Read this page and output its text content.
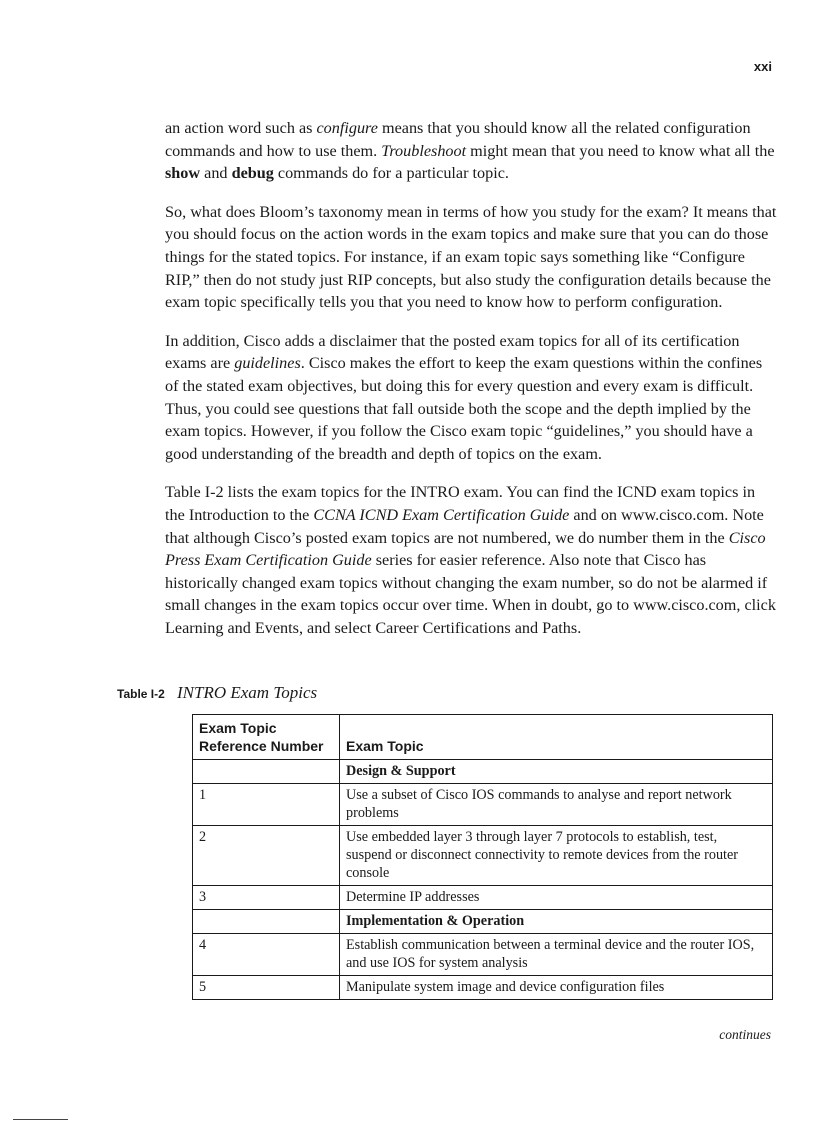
xxi

an action word such as configure means that you should know all the related configuration commands and how to use them. Troubleshoot might mean that you need to know what all the show and debug commands do for a particular topic.

So, what does Bloom’s taxonomy mean in terms of how you study for the exam? It means that you should focus on the action words in the exam topics and make sure that you can do those things for the stated topics. For instance, if an exam topic says something like “Configure RIP,” then do not study just RIP concepts, but also study the configuration details because the exam topic specifically tells you that you need to know how to perform configuration.

In addition, Cisco adds a disclaimer that the posted exam topics for all of its certification exams are guidelines. Cisco makes the effort to keep the exam questions within the confines of the stated exam objectives, but doing this for every question and every exam is difficult. Thus, you could see questions that fall outside both the scope and the depth implied by the exam topics. However, if you follow the Cisco exam topic “guidelines,” you should have a good understanding of the breadth and depth of topics on the exam.

Table I-2 lists the exam topics for the INTRO exam. You can find the ICND exam topics in the Introduction to the CCNA ICND Exam Certification Guide and on www.cisco.com. Note that although Cisco’s posted exam topics are not numbered, we do number them in the Cisco Press Exam Certification Guide series for easier reference. Also note that Cisco has historically changed exam topics without changing the exam number, so do not be alarmed if small changes in the exam topics occur over time. When in doubt, go to www.cisco.com, click Learning and Events, and select Career Certifications and Paths.

Table I-2 INTRO Exam Topics
Exam Topic Reference Number	Exam Topic
	Design & Support
1	Use a subset of Cisco IOS commands to analyse and report network problems
2	Use embedded layer 3 through layer 7 protocols to establish, test, suspend or disconnect connectivity to remote devices from the router console
3	Determine IP addresses
	Implementation & Operation
4	Establish communication between a terminal device and the router IOS, and use IOS for system analysis
5	Manipulate system image and device configuration files
continues
